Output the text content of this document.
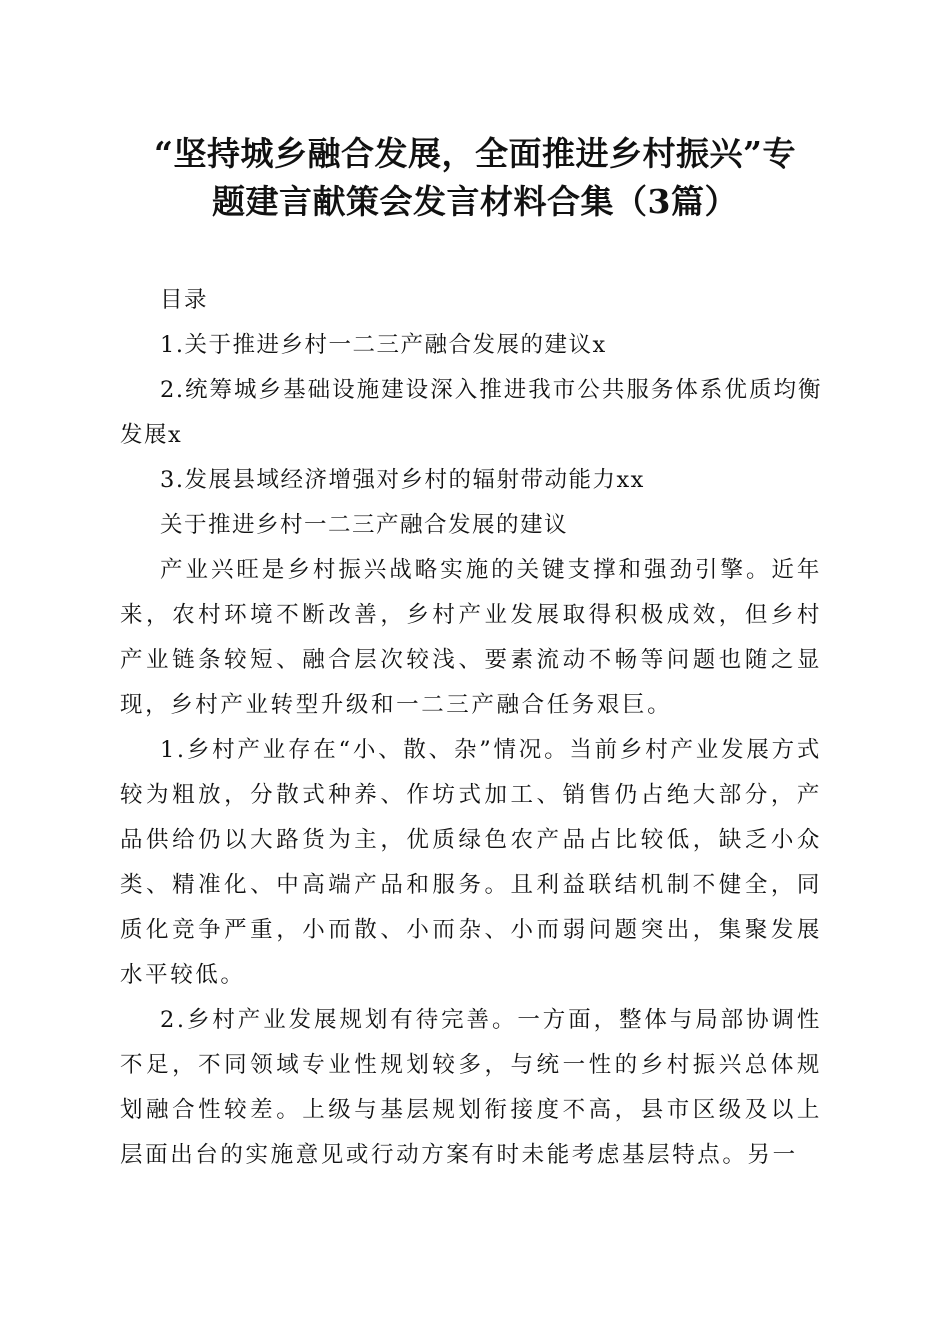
“坚持城乡融合发展，全面推进乡村振兴”专
题建言献策会发言材料合集（3篇）

目录

1.关于推进乡村一二三产融合发展的建议x

2.统筹城乡基础设施建设深入推进我市公共服务体系优质均衡发展x

3.发展县域经济增强对乡村的辐射带动能力xx

关于推进乡村一二三产融合发展的建议

产业兴旺是乡村振兴战略实施的关键支撑和强劲引擎。近年来，农村环境不断改善，乡村产业发展取得积极成效，但乡村产业链条较短、融合层次较浅、要素流动不畅等问题也随之显现，乡村产业转型升级和一二三产融合任务艰巨。

1.乡村产业存在“小、散、杂”情况。当前乡村产业发展方式较为粗放，分散式种养、作坊式加工、销售仍占绝大部分，产品供给仍以大路货为主，优质绿色农产品占比较低，缺乏小众类、精准化、中高端产品和服务。且利益联结机制不健全，同质化竞争严重，小而散、小而杂、小而弱问题突出，集聚发展水平较低。

2.乡村产业发展规划有待完善。一方面，整体与局部协调性不足，不同领域专业性规划较多，与统一性的乡村振兴总体规划融合性较差。上级与基层规划衔接度不高，县市区级及以上层面出台的实施意见或行动方案有时未能考虑基层特点。另一
